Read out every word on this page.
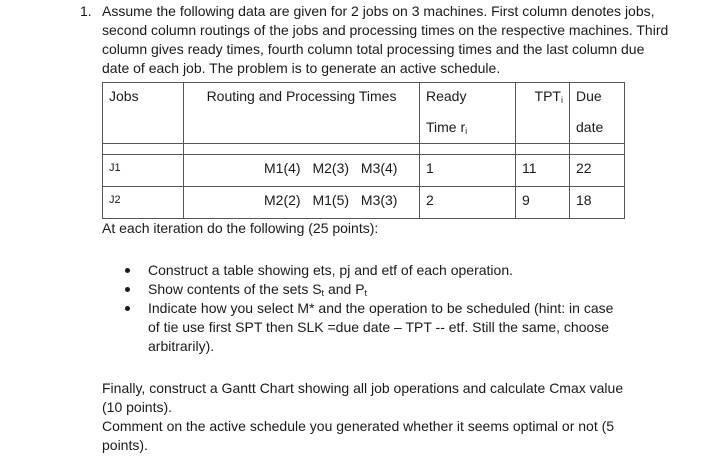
1. Assume the following data are given for 2 jobs on 3 machines. First column denotes jobs,
second column routings of the jobs and processing times on the respective machines. Third
column gives ready times, fourth column total processing times and the last column due
date of each job. The problem is to generate an active schedule.
Jobs	Routing and Processing Times	Ready	$TPT_i$	Due
		Time $r_i$		date

J1	M1(4) M2(3) M3(4)	1	11	22
J2	M2(2) M1(5) M3(3)	2	9	18
At each iteration do the following (25 points):
Construct a table showing ets, pj and etf of each operation.
Show contents of the sets $S_t$ and $P_t$
Indicate how you select M* and the operation to be scheduled (hint: in case
of tie use first SPT then SLK =due date – TPT -- etf. Still the same, choose
arbitrarily).
Finally, construct a Gantt Chart showing all job operations and calculate Cmax value
(10 points).
Comment on the active schedule you generated whether it seems optimal or not (5
points).
